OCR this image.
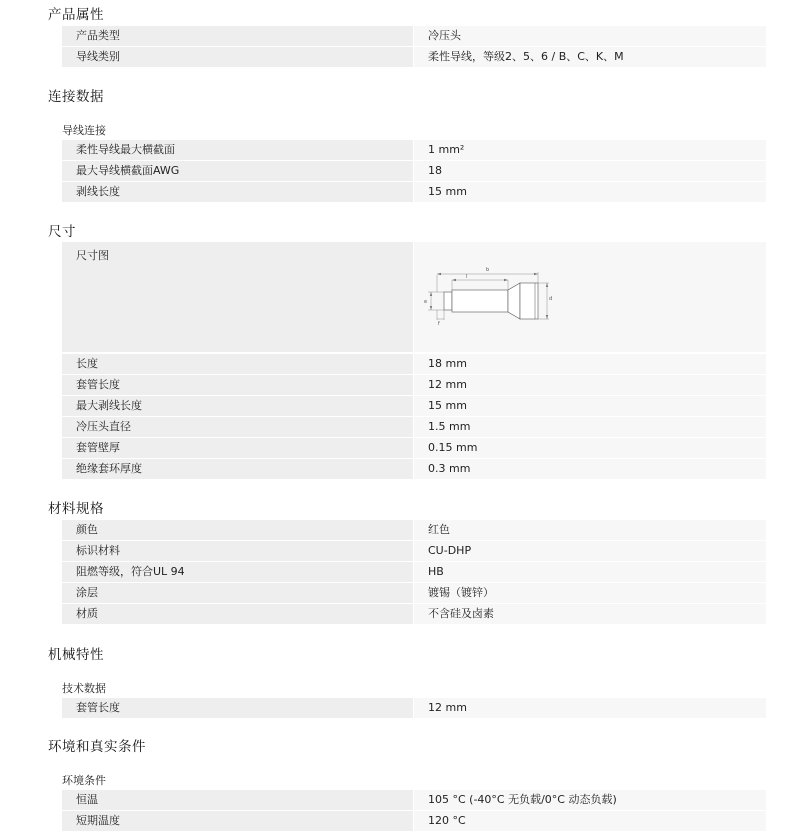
产品属性
产品类型	冷压头
导线类别	柔性导线，等级2、5、6 / B、C、K、M
连接数据
导线连接
柔性导线最大横截面	1 mm²
最大导线横截面AWG	18
剥线长度	15 mm
尺寸
尺寸图
b
l
d
e
f
长度	18 mm
套管长度	12 mm
最大剥线长度	15 mm
冷压头直径	1.5 mm
套管壁厚	0.15 mm
绝缘套环厚度	0.3 mm
材料规格
颜色	红色
标识材料	CU-DHP
阻燃等级，符合UL 94	HB
涂层	镀锡（镀锌）
材质	不含硅及卤素
机械特性
技术数据
套管长度	12 mm
环境和真实条件
环境条件
恒温	105 °C (-40°C 无负载/0°C 动态负载)
短期温度	120 °C
